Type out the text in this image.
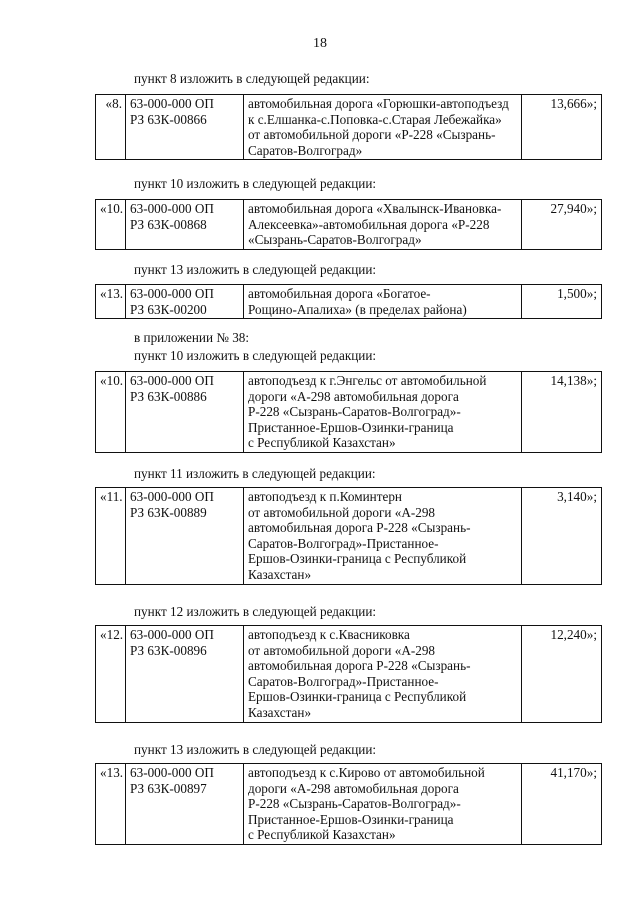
18
пункт 8 изложить в следующей редакции:
«8.	63-000-000 ОП
РЗ 63К-00866

автомобильная дорога «Горюшки-автоподъезд
к с.Елшанка-с.Поповка-с.Старая Лебежайка»
от автомобильной дороги «Р-228 «Сызрань-
Саратов-Волгоград»
	13,666»;
пункт 10 изложить в следующей редакции:
«10.	63-000-000 ОП
РЗ 63К-00868

автомобильная дорога «Хвалынск-Ивановка-
Алексеевка»-автомобильная дорога «Р-228
«Сызрань-Саратов-Волгоград»
	27,940»;
пункт 13 изложить в следующей редакции:
«13.	63-000-000 ОП
РЗ 63К-00200

автомобильная дорога «Богатое-
Рощино-Апалиха» (в пределах района)
	1,500»;
в приложении № 38:
пункт 10 изложить в следующей редакции:
«10.	63-000-000 ОП
РЗ 63К-00886

автоподъезд к г.Энгельс от автомобильной
дороги «А-298 автомобильная дорога
Р-228 «Сызрань-Саратов-Волгоград»-
Пристанное-Ершов-Озинки-граница
с Республикой Казахстан»
	14,138»;
пункт 11 изложить в следующей редакции:
«11.	63-000-000 ОП
РЗ 63К-00889

автоподъезд к п.Коминтерн
от автомобильной дороги «А-298
автомобильная дорога Р-228 «Сызрань-
Саратов-Волгоград»-Пристанное-
Ершов-Озинки-граница с Республикой
Казахстан»
	3,140»;
пункт 12 изложить в следующей редакции:
«12.	63-000-000 ОП
РЗ 63К-00896

автоподъезд к с.Квасниковка
от автомобильной дороги «А-298
автомобильная дорога Р-228 «Сызрань-
Саратов-Волгоград»-Пристанное-
Ершов-Озинки-граница с Республикой
Казахстан»
	12,240»;
пункт 13 изложить в следующей редакции:
«13.	63-000-000 ОП
РЗ 63К-00897

автоподъезд к с.Кирово от автомобильной
дороги «А-298 автомобильная дорога
Р-228 «Сызрань-Саратов-Волгоград»-
Пристанное-Ершов-Озинки-граница
с Республикой Казахстан»
	41,170»;
